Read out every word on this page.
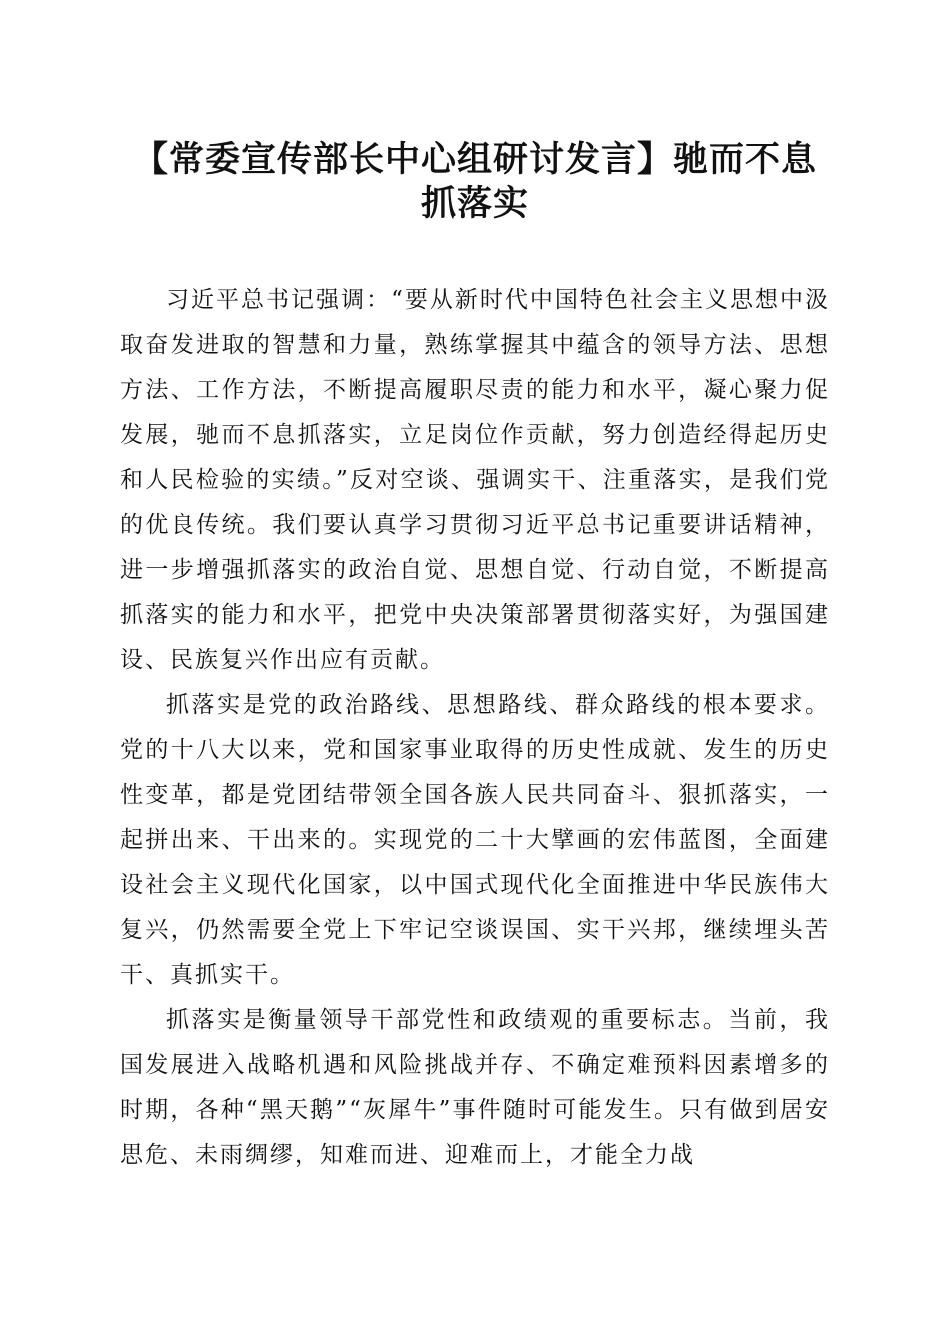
【常委宣传部长中心组研讨发言】驰而不息抓落实

习近平总书记强调：“要从新时代中国特色社会主义思想中汲取奋发进取的智慧和力量，熟练掌握其中蕴含的领导方法、思想方法、工作方法，不断提高履职尽责的能力和水平，凝心聚力促发展，驰而不息抓落实，立足岗位作贡献，努力创造经得起历史和人民检验的实绩。”反对空谈、强调实干、注重落实，是我们党的优良传统。我们要认真学习贯彻习近平总书记重要讲话精神，进一步增强抓落实的政治自觉、思想自觉、行动自觉，不断提高抓落实的能力和水平，把党中央决策部署贯彻落实好，为强国建设、民族复兴作出应有贡献。

抓落实是党的政治路线、思想路线、群众路线的根本要求。党的十八大以来，党和国家事业取得的历史性成就、发生的历史性变革，都是党团结带领全国各族人民共同奋斗、狠抓落实，一起拼出来、干出来的。实现党的二十大擘画的宏伟蓝图，全面建设社会主义现代化国家，以中国式现代化全面推进中华民族伟大复兴，仍然需要全党上下牢记空谈误国、实干兴邦，继续埋头苦干、真抓实干。

抓落实是衡量领导干部党性和政绩观的重要标志。当前，我国发展进入战略机遇和风险挑战并存、不确定难预料因素增多的时期，各种“黑天鹅”“灰犀牛”事件随时可能发生。只有做到居安思危、未雨绸缪，知难而进、迎难而上，才能全力战
